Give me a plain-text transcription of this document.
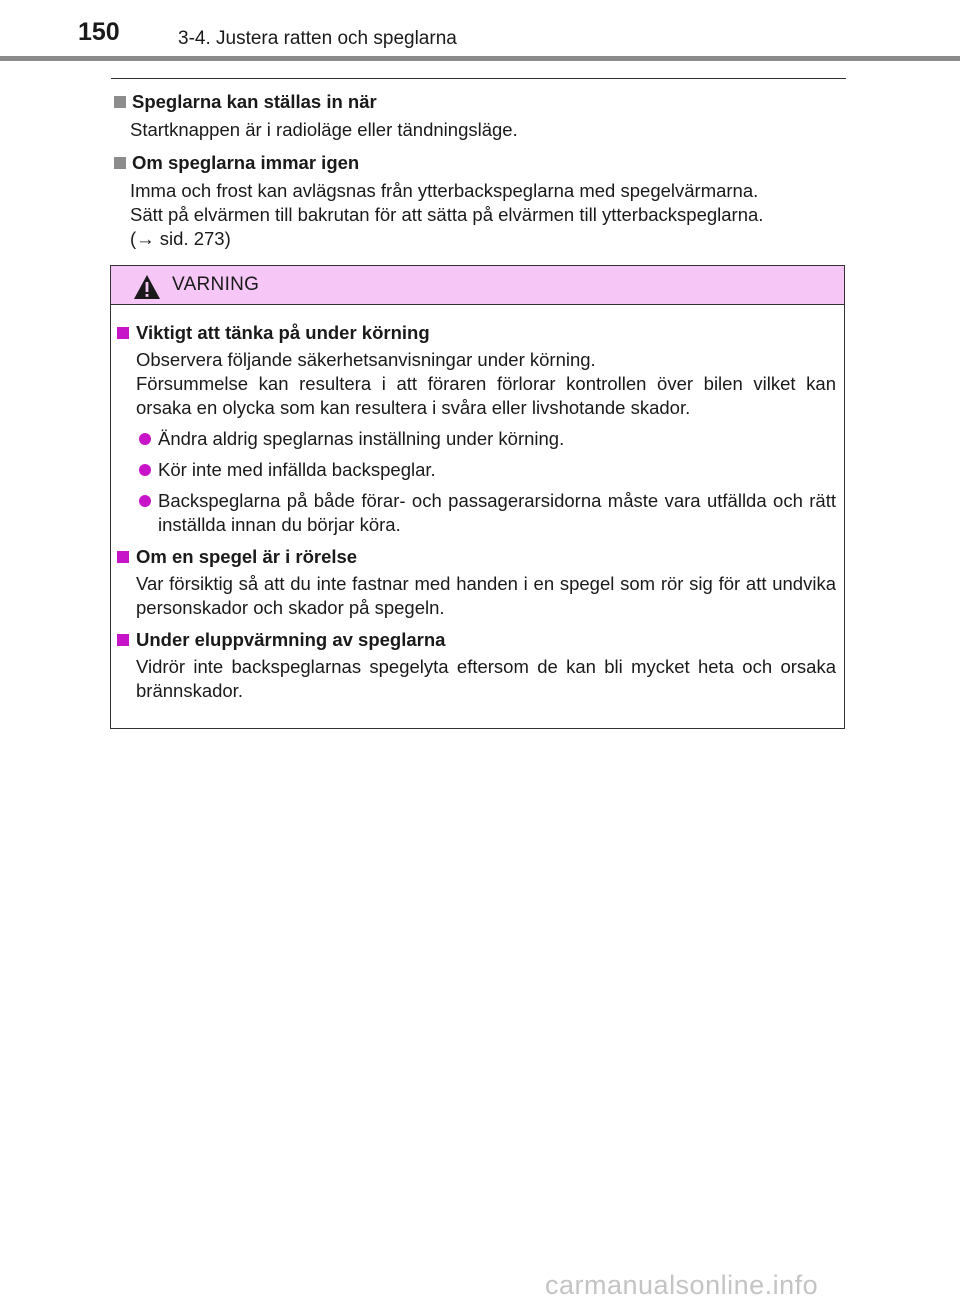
150	3-4. Justera ratten och speglarna
Speglarna kan ställas in när
Startknappen är i radioläge eller tändningsläge.
Om speglarna immar igen
Imma och frost kan avlägsnas från ytterbackspeglarna med spegelvärmarna.
Sätt på elvärmen till bakrutan för att sätta på elvärmen till ytterbackspeglarna.
(→ sid. 273)
VARNING
Viktigt att tänka på under körning
Observera följande säkerhetsanvisningar under körning.
Försummelse kan resultera i att föraren förlorar kontrollen över bilen vilket kan orsaka en olycka som kan resultera i svåra eller livshotande skador.
Ändra aldrig speglarnas inställning under körning.
Kör inte med infällda backspeglar.
Backspeglarna på både förar- och passagerarsidorna måste vara utfällda och rätt inställda innan du börjar köra.
Om en spegel är i rörelse
Var försiktig så att du inte fastnar med handen i en spegel som rör sig för att undvika personskador och skador på spegeln.
Under eluppvärmning av speglarna
Vidrör inte backspeglarnas spegelyta eftersom de kan bli mycket heta och orsaka brännskador.
carmanualsonline.info
